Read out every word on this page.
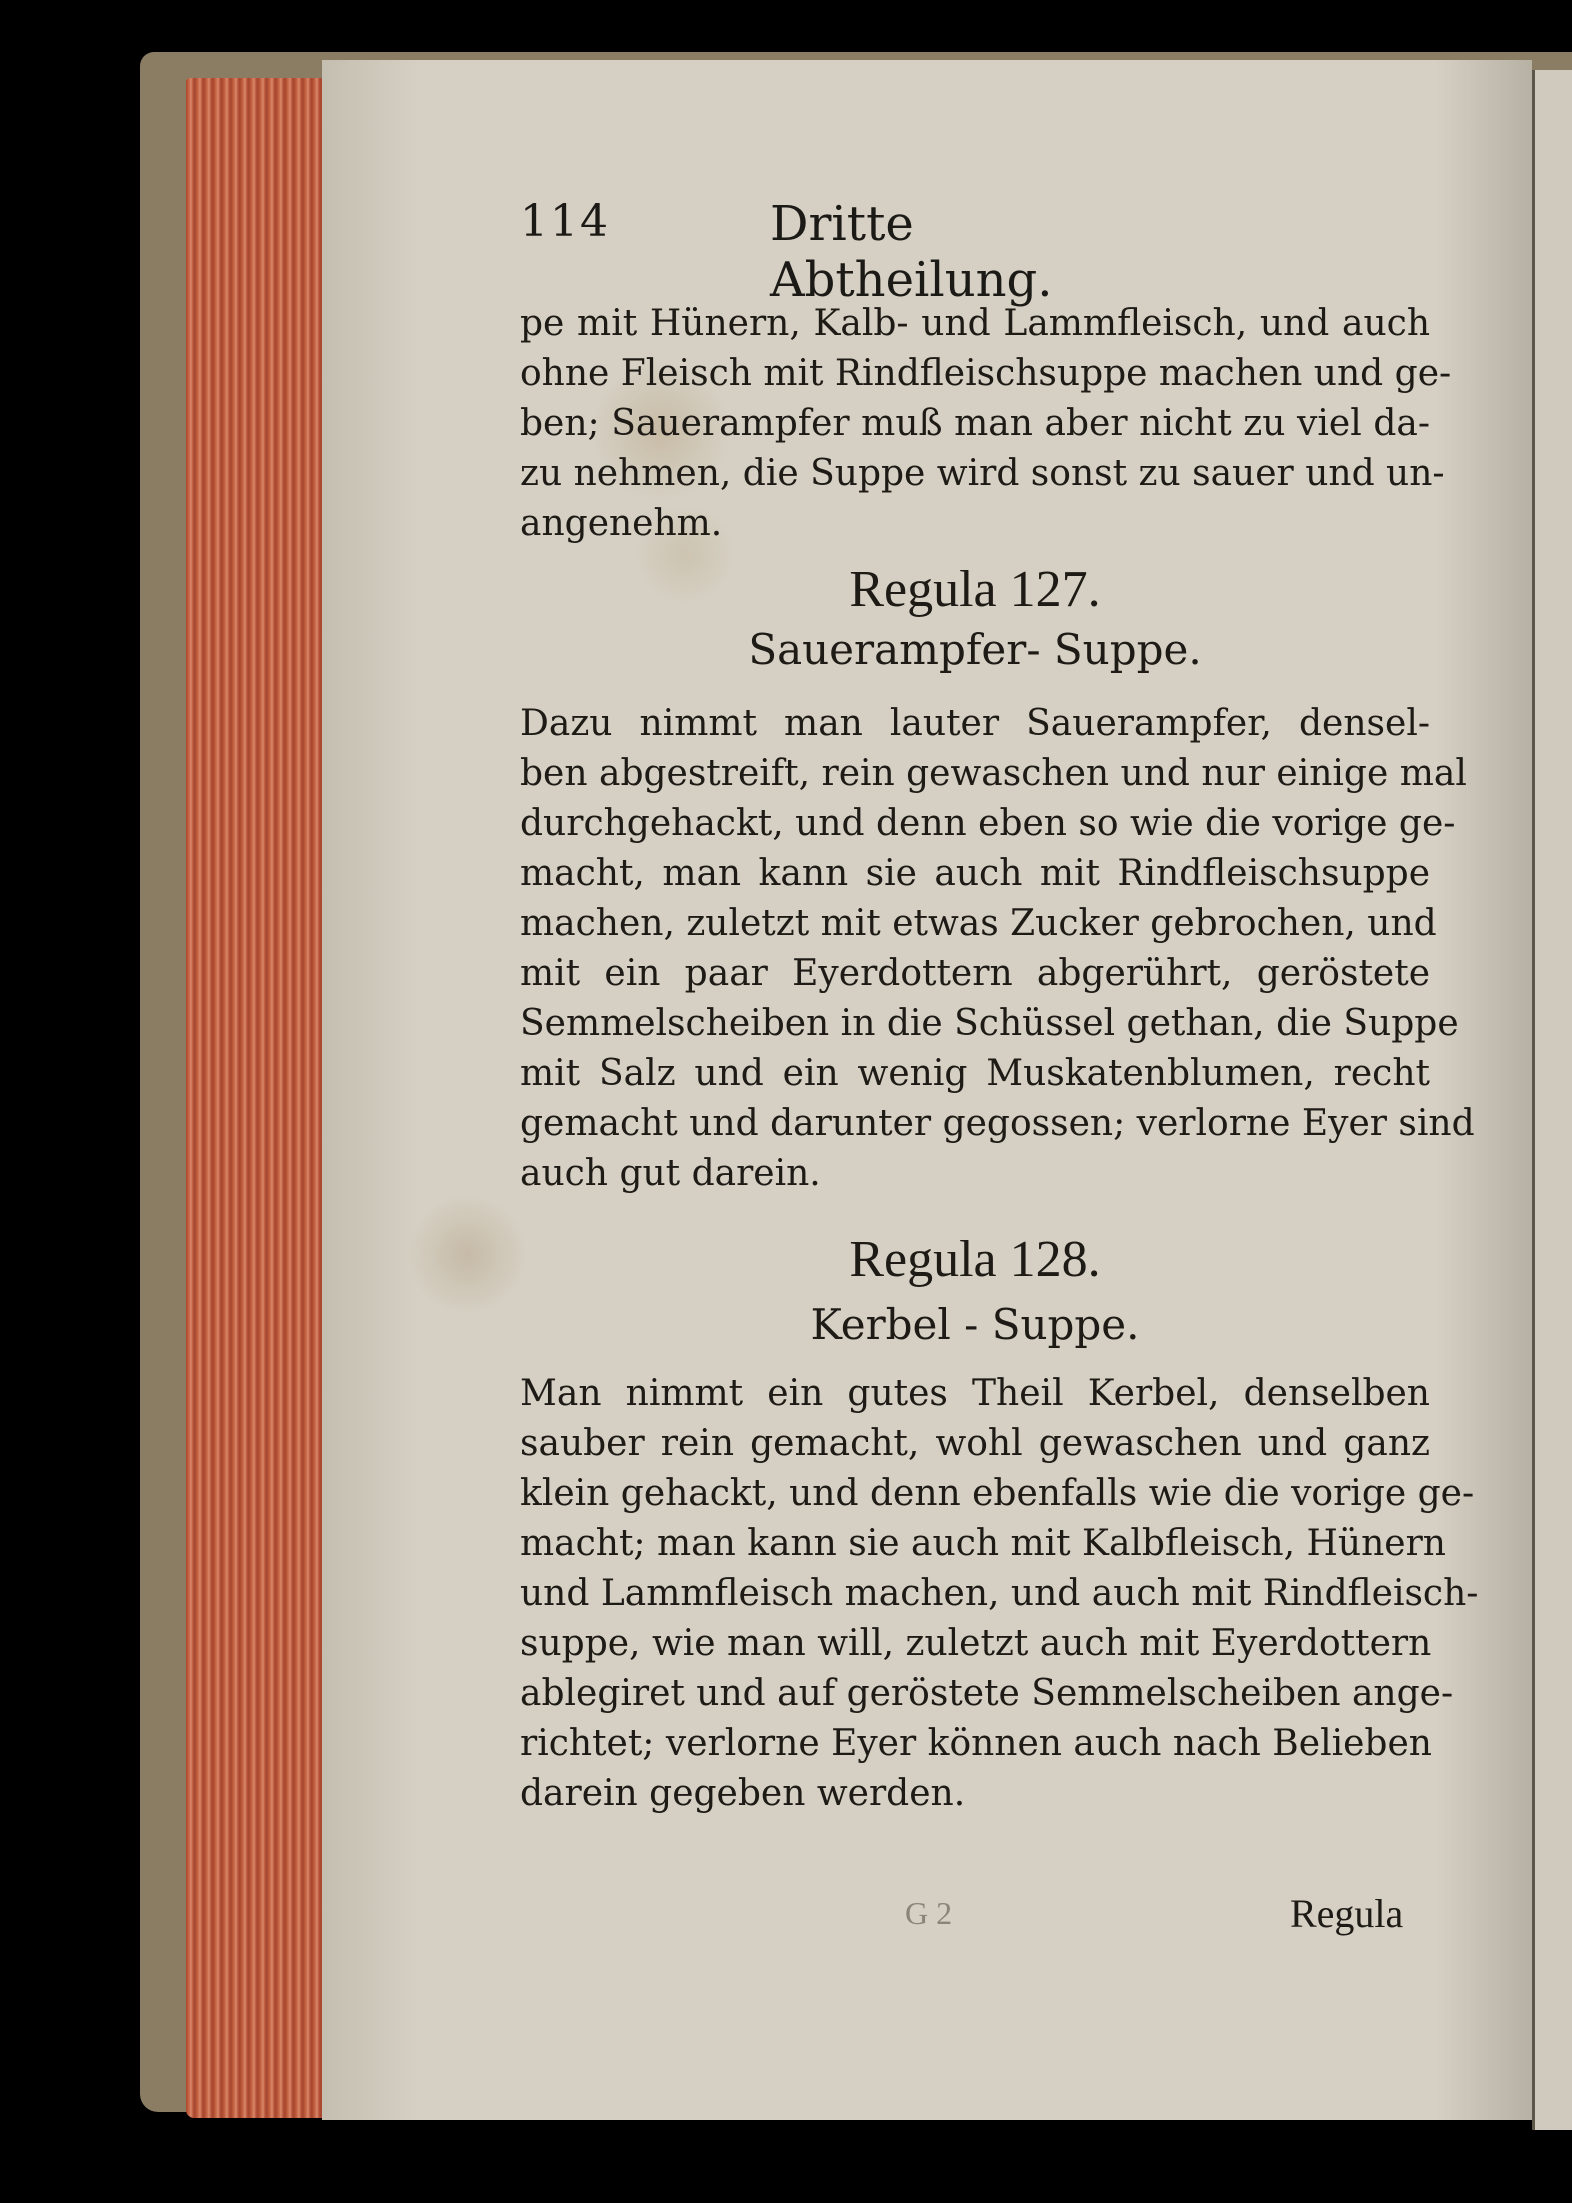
114	Dritte Abtheilung.
pe mit Hünern, Kalb- und Lammfleisch, und auch
ohne Fleisch mit Rindfleischsuppe machen und ge-
ben; Sauerampfer muß man aber nicht zu viel da-
zu nehmen, die Suppe wird sonst zu sauer und un-
angenehm.
Regula 127.
Sauerampfer- Suppe.
Dazu nimmt man lauter Sauerampfer, densel-
ben abgestreift, rein gewaschen und nur einige mal
durchgehackt, und denn eben so wie die vorige ge-
macht, man kann sie auch mit Rindfleischsuppe
machen, zuletzt mit etwas Zucker gebrochen, und
mit ein paar Eyerdottern abgerührt, geröstete
Semmelscheiben in die Schüssel gethan, die Suppe
mit Salz und ein wenig Muskatenblumen, recht
gemacht und darunter gegossen; verlorne Eyer sind
auch gut darein.
Regula 128.
Kerbel - Suppe.
Man nimmt ein gutes Theil Kerbel, denselben
sauber rein gemacht, wohl gewaschen und ganz
klein gehackt, und denn ebenfalls wie die vorige ge-
macht; man kann sie auch mit Kalbfleisch, Hünern
und Lammfleisch machen, und auch mit Rindfleisch-
suppe, wie man will, zuletzt auch mit Eyerdottern
ablegiret und auf geröstete Semmelscheiben ange-
richtet; verlorne Eyer können auch nach Belieben
darein gegeben werden.
G 2	Regula
